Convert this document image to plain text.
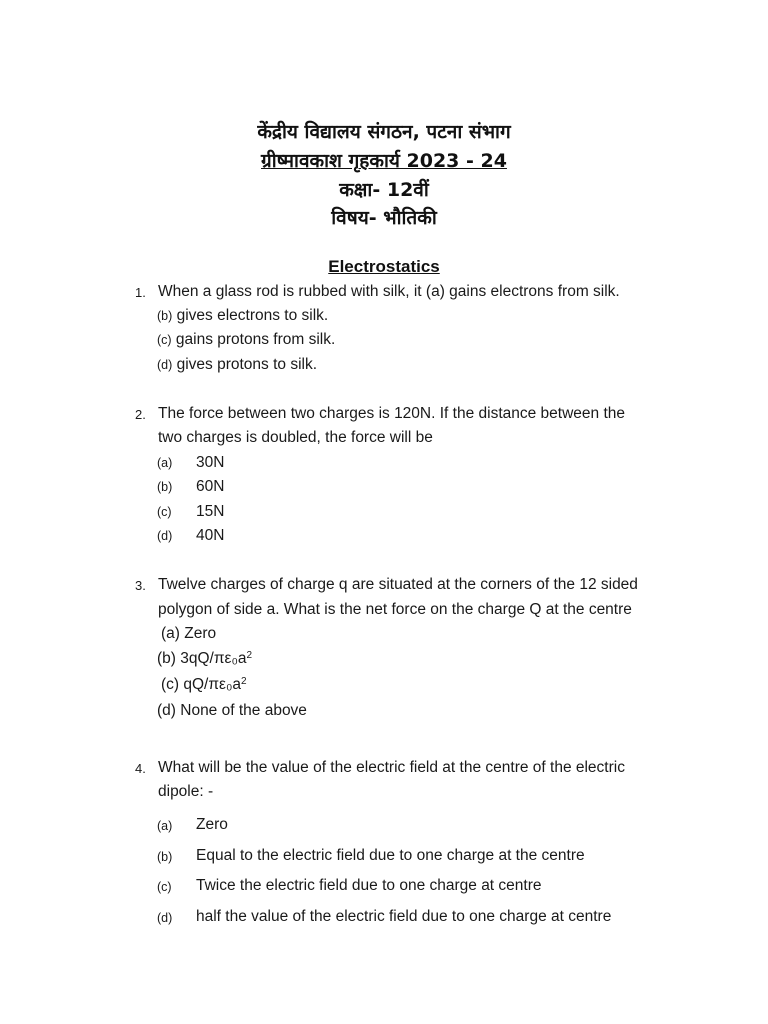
केंद्रीय विद्यालय संगठन, पटना संभाग
ग्रीष्मावकाश गृहकार्य 2023 - 24
कक्षा- 12वीं
विषय- भौतिकी
Electrostatics
1. When a glass rod is rubbed with silk, it (a) gains electrons from silk.
(b) gives electrons to silk.
(c) gains protons from silk.
(d) gives protons to silk.
2. The force between two charges is 120N. If the distance between the
two charges is doubled, the force will be
(a) 30N
(b) 60N
(c) 15N
(d) 40N
3. Twelve charges of charge q are situated at the corners of the 12 sided
polygon of side a. What is the net force on the charge Q at the centre
(a) Zero
(b) $3qQ/\pi\varepsilon_0a^2$
(c) $qQ/\pi\varepsilon_0a^2$
(d) None of the above
4. What will be the value of the electric field at the centre of the electric
dipole: -
(a) Zero
(b) Equal to the electric field due to one charge at the centre
(c) Twice the electric field due to one charge at centre
(d) half the value of the electric field due to one charge at centre
